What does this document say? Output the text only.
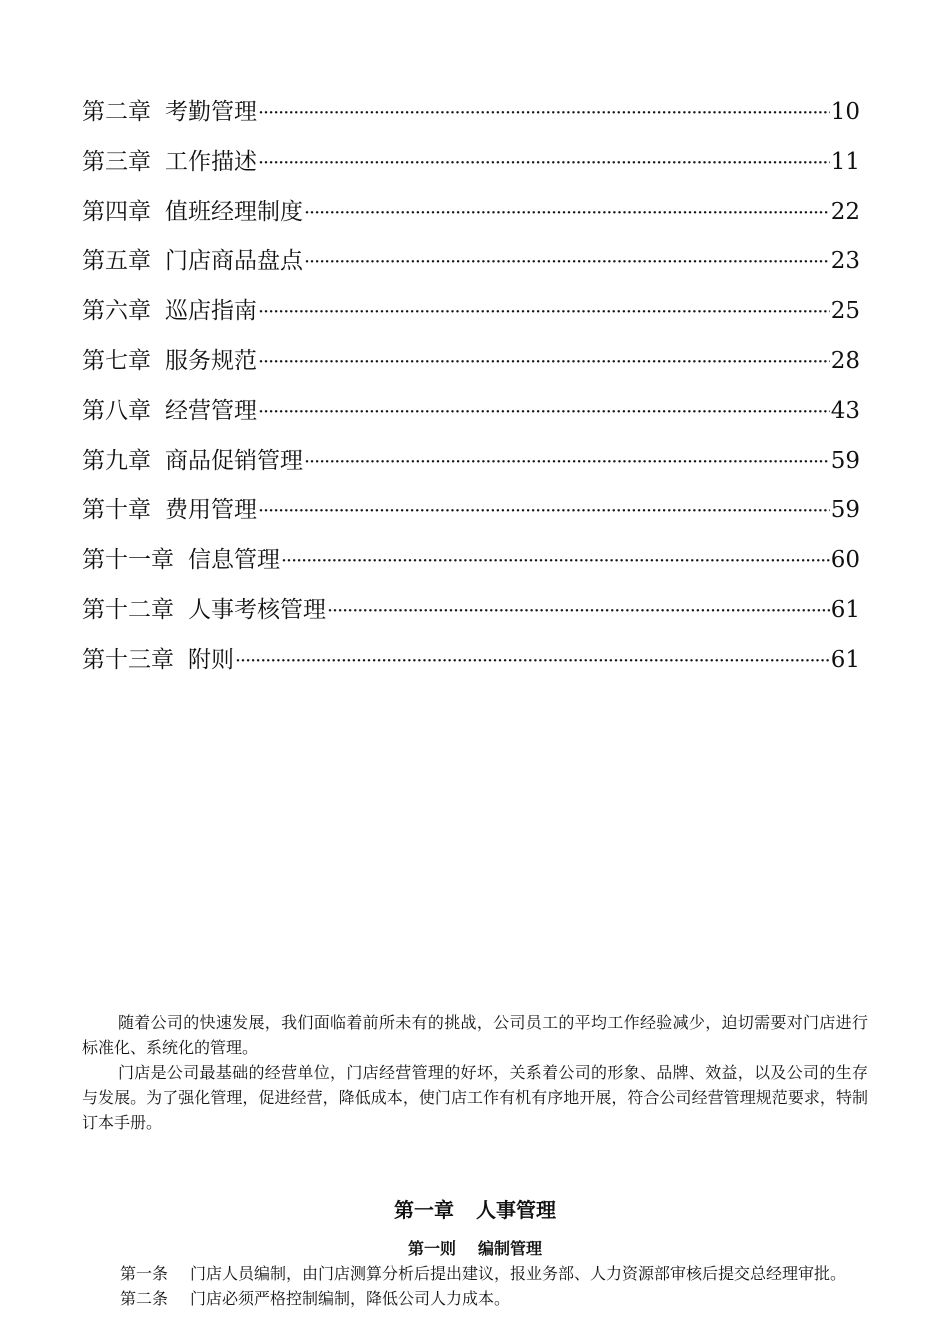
第二章 考勤管理 ·····	10
第三章 工作描述 ·····	11
第四章 值班经理制度 ·····	22
第五章 门店商品盘点 ·····	23
第六章 巡店指南 ·····	25
第七章 服务规范 ·····	28
第八章 经营管理 ·····	43
第九章 商品促销管理 ·····	59
第十章 费用管理 ·····	59
第十一章 信息管理 ·····	60
第十二章 人事考核管理 ·····	61
第十三章 附则 ·····	61

随着公司的快速发展，我们面临着前所未有的挑战，公司员工的平均工作经验减少，迫切需要对门店进行标准化、系统化的管理。

门店是公司最基础的经营单位，门店经营管理的好坏，关系着公司的形象、品牌、效益，以及公司的生存与发展。为了强化管理，促进经营，降低成本，使门店工作有机有序地开展，符合公司经营管理规范要求，特制订本手册。

第一章 人事管理
第一则 编制管理

第一条 门店人员编制，由门店测算分析后提出建议，报业务部、人力资源部审核后提交总经理审批。

第二条 门店必须严格控制编制，降低公司人力成本。
